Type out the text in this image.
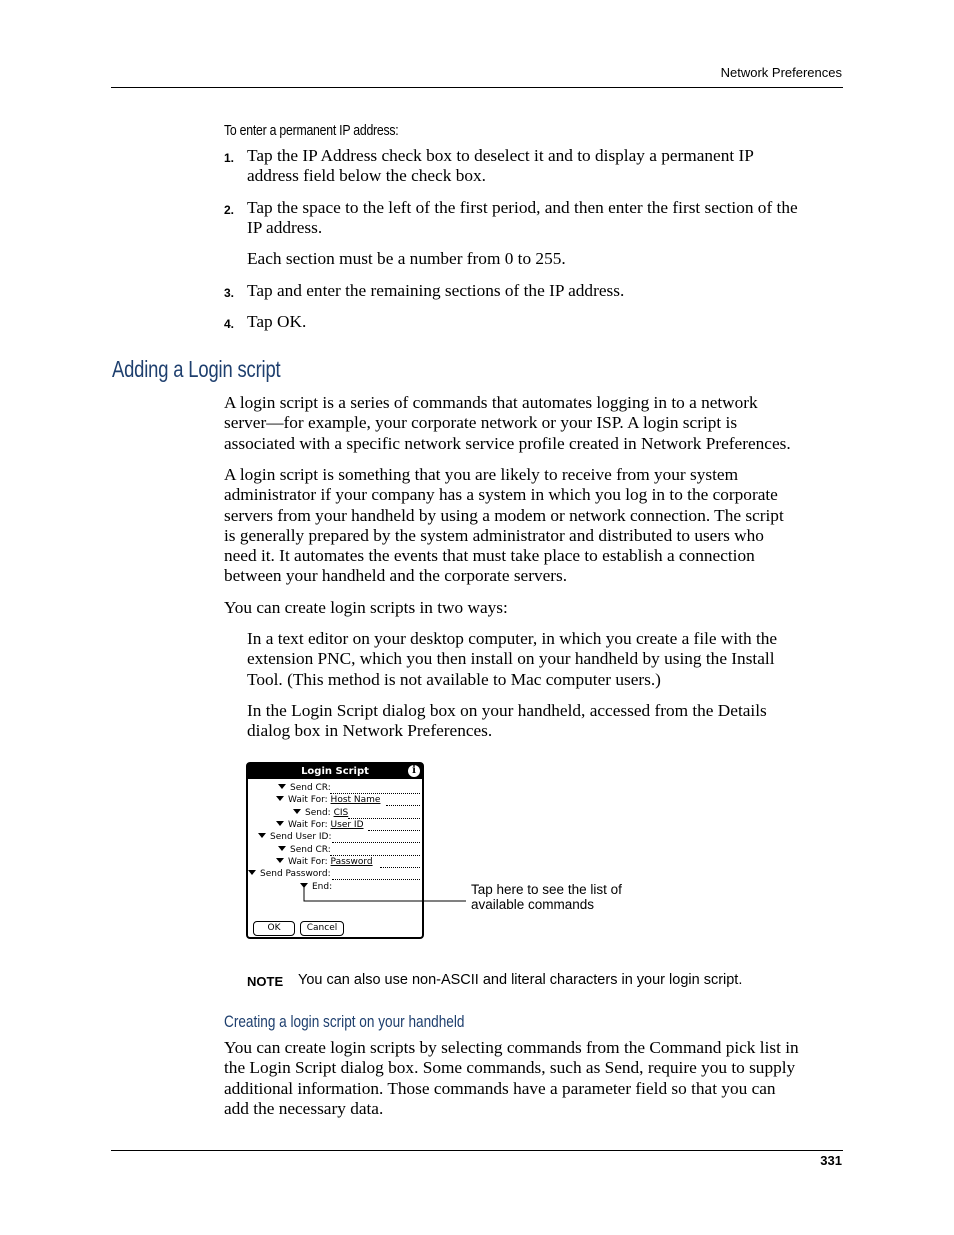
Network Preferences
To enter a permanent IP address:
1. Tap the IP Address check box to deselect it and to display a permanent IP
address field below the check box.
2. Tap the space to the left of the first period, and then enter the first section of the
IP address.
Each section must be a number from 0 to 255.
3. Tap and enter the remaining sections of the IP address.
4. Tap OK.
Adding a Login script
A login script is a series of commands that automates logging in to a network
server—for example, your corporate network or your ISP. A login script is
associated with a specific network service profile created in Network Preferences.
A login script is something that you are likely to receive from your system
administrator if your company has a system in which you log in to the corporate
servers from your handheld by using a modem or network connection. The script
is generally prepared by the system administrator and distributed to users who
need it. It automates the events that must take place to establish a connection
between your handheld and the corporate servers.
You can create login scripts in two ways:
In a text editor on your desktop computer, in which you create a file with the
extension PNC, which you then install on your handheld by using the Install
Tool. (This method is not available to Mac computer users.)
In the Login Script dialog box on your handheld, accessed from the Details
dialog box in Network Preferences.
Login Script	i
Send CR:
Wait For: Host Name
Send: CIS
Wait For: User ID
Send User ID:
Send CR:
Wait For: Password
Send Password:
End:
OK	Cancel
Tap here to see the list of
available commands
NOTE You can also use non-ASCII and literal characters in your login script.
Creating a login script on your handheld
You can create login scripts by selecting commands from the Command pick list in
the Login Script dialog box. Some commands, such as Send, require you to supply
additional information. Those commands have a parameter field so that you can
add the necessary data.
331
